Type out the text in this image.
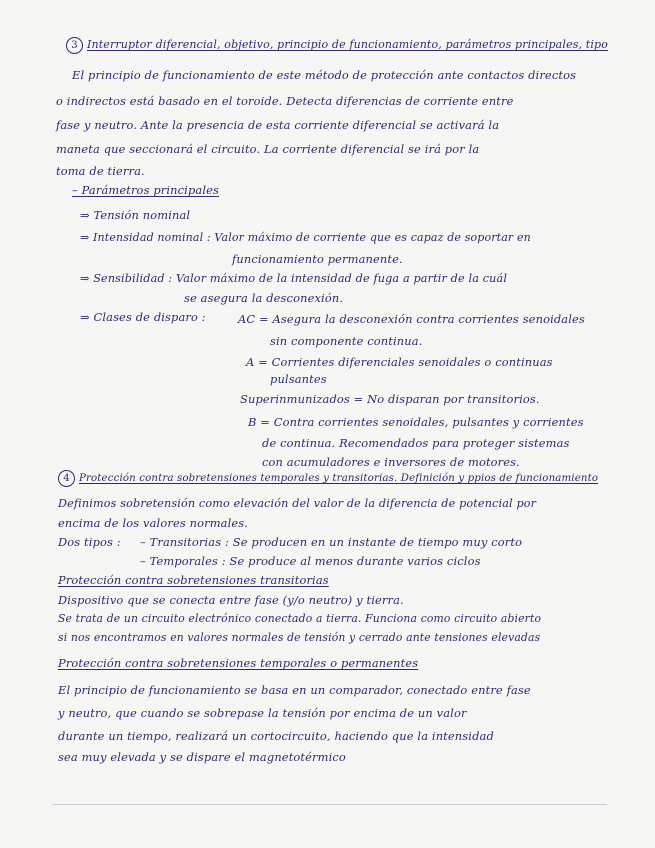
3 Interruptor diferencial, objetivo, principio de funcionamiento, parámetros principales, tipo
El principio de funcionamiento de este método de protección ante contactos directos
o indirectos está basado en el toroide. Detecta diferencias de corriente entre
fase y neutro. Ante la presencia de esta corriente diferencial se activará la
maneta que seccionará el circuito. La corriente diferencial se irá por la
toma de tierra.
– Parámetros principales
⇒ Tensión nominal
⇒ Intensidad nominal : Valor máximo de corriente que es capaz de soportar en
funcionamiento permanente.
⇒ Sensibilidad : Valor máximo de la intensidad de fuga a partir de la cuál
se asegura la desconexión.
⇒ Clases de disparo :	AC = Asegura la desconexión contra corrientes senoidales
sin componente continua.
A = Corrientes diferenciales senoidales o continuas
pulsantes
Superinmunizados = No disparan por transitorios.
B = Contra corrientes senoidales, pulsantes y corrientes
de continua. Recomendados para proteger sistemas
con acumuladores e inversores de motores.
4 Protección contra sobretensiones temporales y transitorias. Definición y ppios de funcionamiento
Definimos sobretensión como elevación del valor de la diferencia de potencial por
encima de los valores normales.
Dos tipos : – Transitorias : Se producen en un instante de tiempo muy corto
– Temporales : Se produce al menos durante varios ciclos
Protección contra sobretensiones transitorias
Dispositivo que se conecta entre fase (y/o neutro) y tierra.
Se trata de un circuito electrónico conectado a tierra. Funciona como circuito abierto
si nos encontramos en valores normales de tensión y cerrado ante tensiones elevadas
Protección contra sobretensiones temporales o permanentes
El principio de funcionamiento se basa en un comparador, conectado entre fase
y neutro, que cuando se sobrepase la tensión por encima de un valor
durante un tiempo, realizará un cortocircuito, haciendo que la intensidad
sea muy elevada y se dispare el magnetotérmico
